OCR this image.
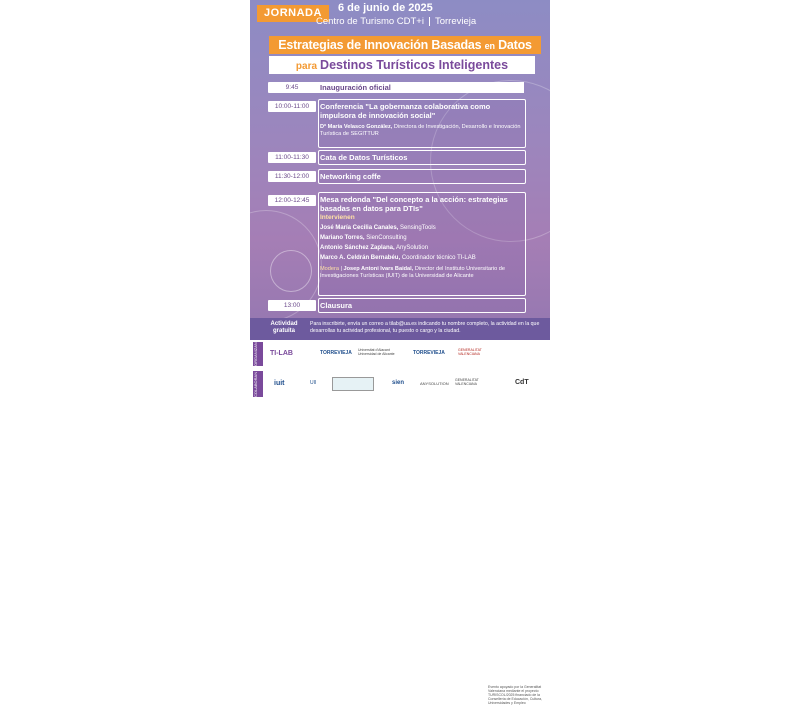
JORNADA	6 de junio de 2025
Centro de Turismo CDT+i Torrevieja
Estrategias de Innovación Basadas en Datos
para Destinos Turísticos Inteligentes
9:45	Inauguración oficial
10:00-11:00	Conferencia "La gobernanza colaborativa como impulsora de innovación social"
Dª María Velasco González, Directora de Investigación, Desarrollo e Innovación Turística de SEGITTUR
11:00-11:30	Cata de Datos Turísticos
11:30-12:00	Networking coffe
12:00-12:45	Mesa redonda "Del concepto a la acción: estrategias basadas en datos para DTIs"
Intervienen
José María Cecilia Canales, SensingTools
Mariano Torres, SienConsulting
Antonio Sánchez Zaplana, AnySolution
Marco A. Celdrán Bernabéu, Coordinador técnico TI-LAB
Modera | Josep Antoni Ivars Baidal, Director del Instituto Universitario de Investigaciones Turísticas (IUIT) de la Universidad de Alicante
13:00	Clausura
Actividad gratuita
Para inscribirte, envía un correo a tilab@ua.es indicando tu nombre completo, la actividad en la que desarrollas tu actividad profesional, tu puesto o cargo y la ciudad.
ORGANIZAN	TI-LAB	TORREVIEJA Universitat d'Alacant Universidad de Alicante	TORREVIEJA	GENERALITAT VALENCIANA
Evento apoyado por la Generalitat Valenciana mediante el proyecto TURISCOL/2025 financiado de la Consellería de Educación, Cultura, Universidades y Empleo
COLABORAN	iuit	UII	sien	ANYSOLUTION
GENERALITAT VALENCIANA	CdT
